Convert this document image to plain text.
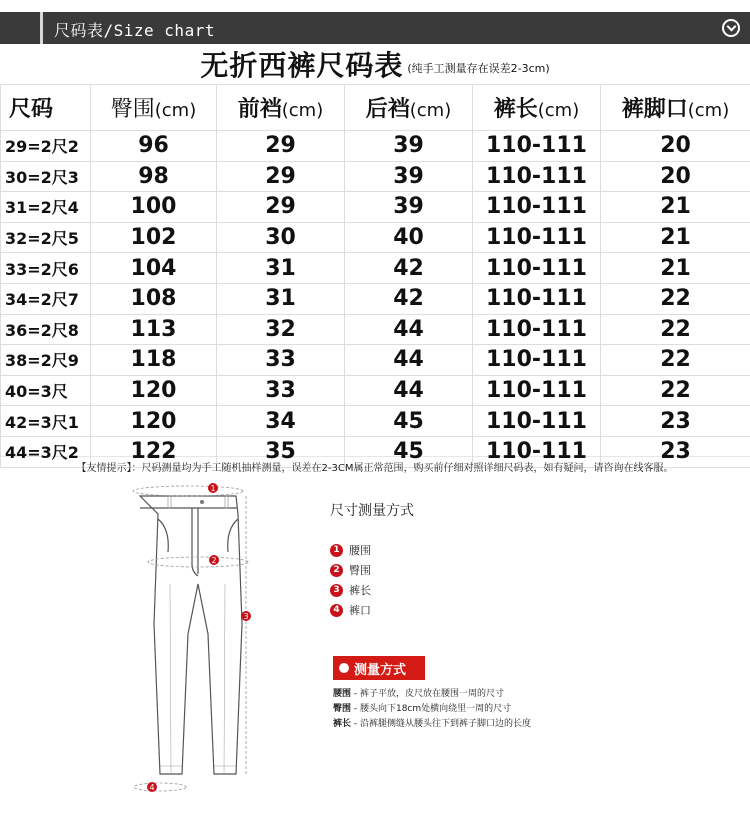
尺码表/Size chart
无折西裤尺码表 (纯手工测量存在误差2-3cm)
尺码	臀围(cm)	前裆(cm)	后裆(cm)	裤长(cm)	裤脚口(cm)
29=2尺2	96	29	39	110-111	20
30=2尺3	98	29	39	110-111	20
31=2尺4	100	29	39	110-111	21
32=2尺5	102	30	40	110-111	21
33=2尺6	104	31	42	110-111	21
34=2尺7	108	31	42	110-111	22
36=2尺8	113	32	44	110-111	22
38=2尺9	118	33	44	110-111	22
40=3尺	120	33	44	110-111	22
42=3尺1	120	34	45	110-111	23
44=3尺2	122	35	45	110-111	23
【友情提示】：尺码测量均为手工随机抽样测量，误差在2-3CM属正常范围，购买前仔细对照详细尺码表，如有疑问，请咨询在线客服。
1
2
3
4
尺寸测量方式
1 腰围
2 臀围
3 裤长
4 裤口
测量方式
腰围 - 裤子平放，皮尺放在腰围一周的尺寸
臀围 - 腰头向下18cm处横向绕里一周的尺寸
裤长 - 沿裤腿侧缝从腰头往下到裤子脚口边的长度
